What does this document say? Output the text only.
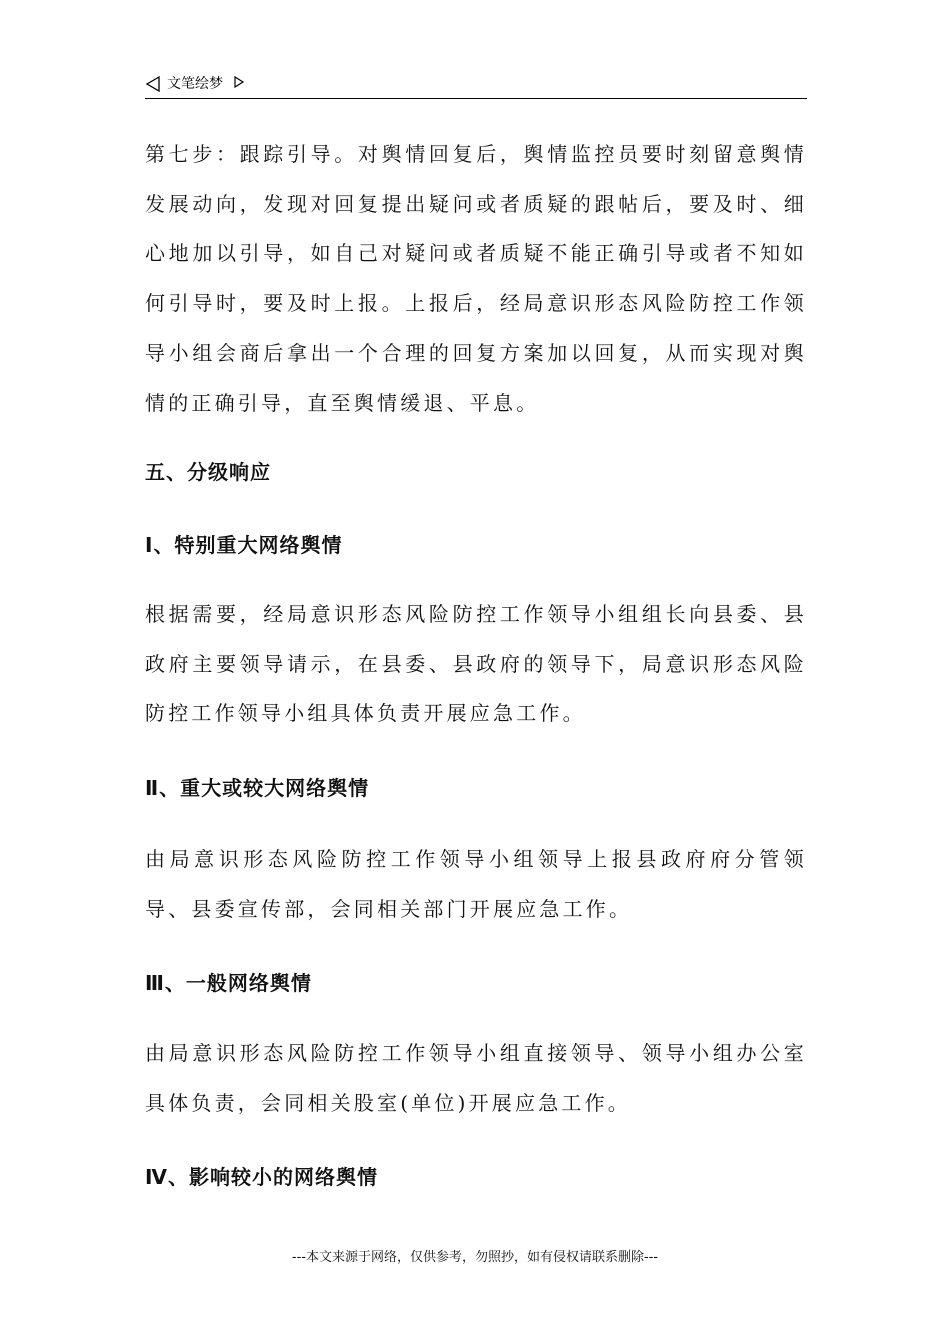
文笔绘梦

第七步：跟踪引导。对舆情回复后，舆情监控员要时刻留意舆情发展动向，发现对回复提出疑问或者质疑的跟帖后，要及时、细心地加以引导，如自己对疑问或者质疑不能正确引导或者不知如何引导时，要及时上报。上报后，经局意识形态风险防控工作领导小组会商后拿出一个合理的回复方案加以回复，从而实现对舆情的正确引导，直至舆情缓退、平息。

五、分级响应

Ⅰ、特别重大网络舆情

根据需要，经局意识形态风险防控工作领导小组组长向县委、县政府主要领导请示，在县委、县政府的领导下，局意识形态风险防控工作领导小组具体负责开展应急工作。

Ⅱ、重大或较大网络舆情

由局意识形态风险防控工作领导小组领导上报县政府府分管领导、县委宣传部，会同相关部门开展应急工作。

Ⅲ、一般网络舆情

由局意识形态风险防控工作领导小组直接领导、领导小组办公室具体负责，会同相关股室(单位)开展应急工作。

Ⅳ、影响较小的网络舆情

---本文来源于网络，仅供参考，勿照抄，如有侵权请联系删除---
